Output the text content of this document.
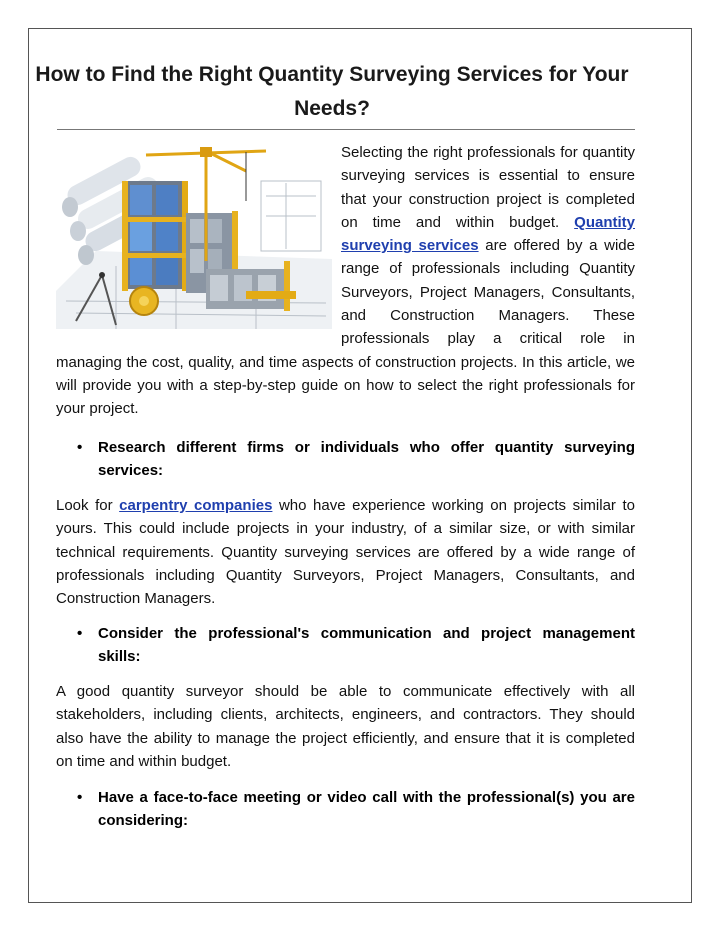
How to Find the Right Quantity Surveying Services for Your Needs?
Selecting the right professionals for quantity surveying services is essential to ensure that your construction project is completed on time and within budget. Quantity surveying services are offered by a wide range of professionals including Quantity Surveyors, Project Managers, Consultants, and Construction Managers. These professionals play a critical role in managing the cost, quality, and time aspects of construction projects. In this article, we will provide you with a step-by-step guide on how to select the right professionals for your project.
• Research different firms or individuals who offer quantity surveying services:
Look for carpentry companies who have experience working on projects similar to yours. This could include projects in your industry, of a similar size, or with similar technical requirements. Quantity surveying services are offered by a wide range of professionals including Quantity Surveyors, Project Managers, Consultants, and Construction Managers.
• Consider the professional's communication and project management skills:
A good quantity surveyor should be able to communicate effectively with all stakeholders, including clients, architects, engineers, and contractors. They should also have the ability to manage the project efficiently, and ensure that it is completed on time and within budget.
• Have a face-to-face meeting or video call with the professional(s) you are considering:
